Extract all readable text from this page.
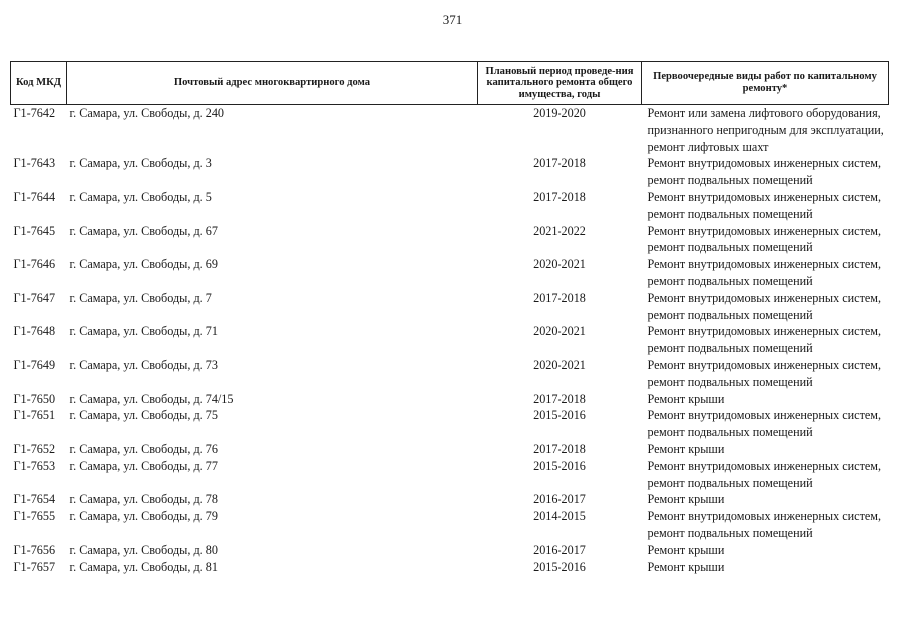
371
Код МКД	Почтовый адрес многоквартирного дома	Плановый период проведе-ния капитального ремонта общего имущества, годы	Первоочередные виды работ по капитальному ремонту*
Г1-7642	г. Самара, ул. Свободы, д. 240	2019-2020	Ремонт или замена лифтового оборудования,
признанного непригодным для эксплуатации,
ремонт лифтовых шахт

Г1-7643	г. Самара, ул. Свободы, д. 3	2017-2018	Ремонт внутридомовых инженерных систем,
ремонт подвальных помещений

Г1-7644	г. Самара, ул. Свободы, д. 5	2017-2018	Ремонт внутридомовых инженерных систем,
ремонт подвальных помещений

Г1-7645	г. Самара, ул. Свободы, д. 67	2021-2022	Ремонт внутридомовых инженерных систем,
ремонт подвальных помещений

Г1-7646	г. Самара, ул. Свободы, д. 69	2020-2021	Ремонт внутридомовых инженерных систем,
ремонт подвальных помещений

Г1-7647	г. Самара, ул. Свободы, д. 7	2017-2018	Ремонт внутридомовых инженерных систем,
ремонт подвальных помещений

Г1-7648	г. Самара, ул. Свободы, д. 71	2020-2021	Ремонт внутридомовых инженерных систем,
ремонт подвальных помещений

Г1-7649	г. Самара, ул. Свободы, д. 73	2020-2021	Ремонт внутридомовых инженерных систем,
ремонт подвальных помещений

Г1-7650	г. Самара, ул. Свободы, д. 74/15	2017-2018	Ремонт крыши

Г1-7651	г. Самара, ул. Свободы, д. 75	2015-2016	Ремонт внутридомовых инженерных систем,
ремонт подвальных помещений

Г1-7652	г. Самара, ул. Свободы, д. 76	2017-2018	Ремонт крыши

Г1-7653	г. Самара, ул. Свободы, д. 77	2015-2016	Ремонт внутридомовых инженерных систем,
ремонт подвальных помещений

Г1-7654	г. Самара, ул. Свободы, д. 78	2016-2017	Ремонт крыши

Г1-7655	г. Самара, ул. Свободы, д. 79	2014-2015	Ремонт внутридомовых инженерных систем,
ремонт подвальных помещений

Г1-7656	г. Самара, ул. Свободы, д. 80	2016-2017	Ремонт крыши

Г1-7657	г. Самара, ул. Свободы, д. 81	2015-2016	Ремонт крыши
